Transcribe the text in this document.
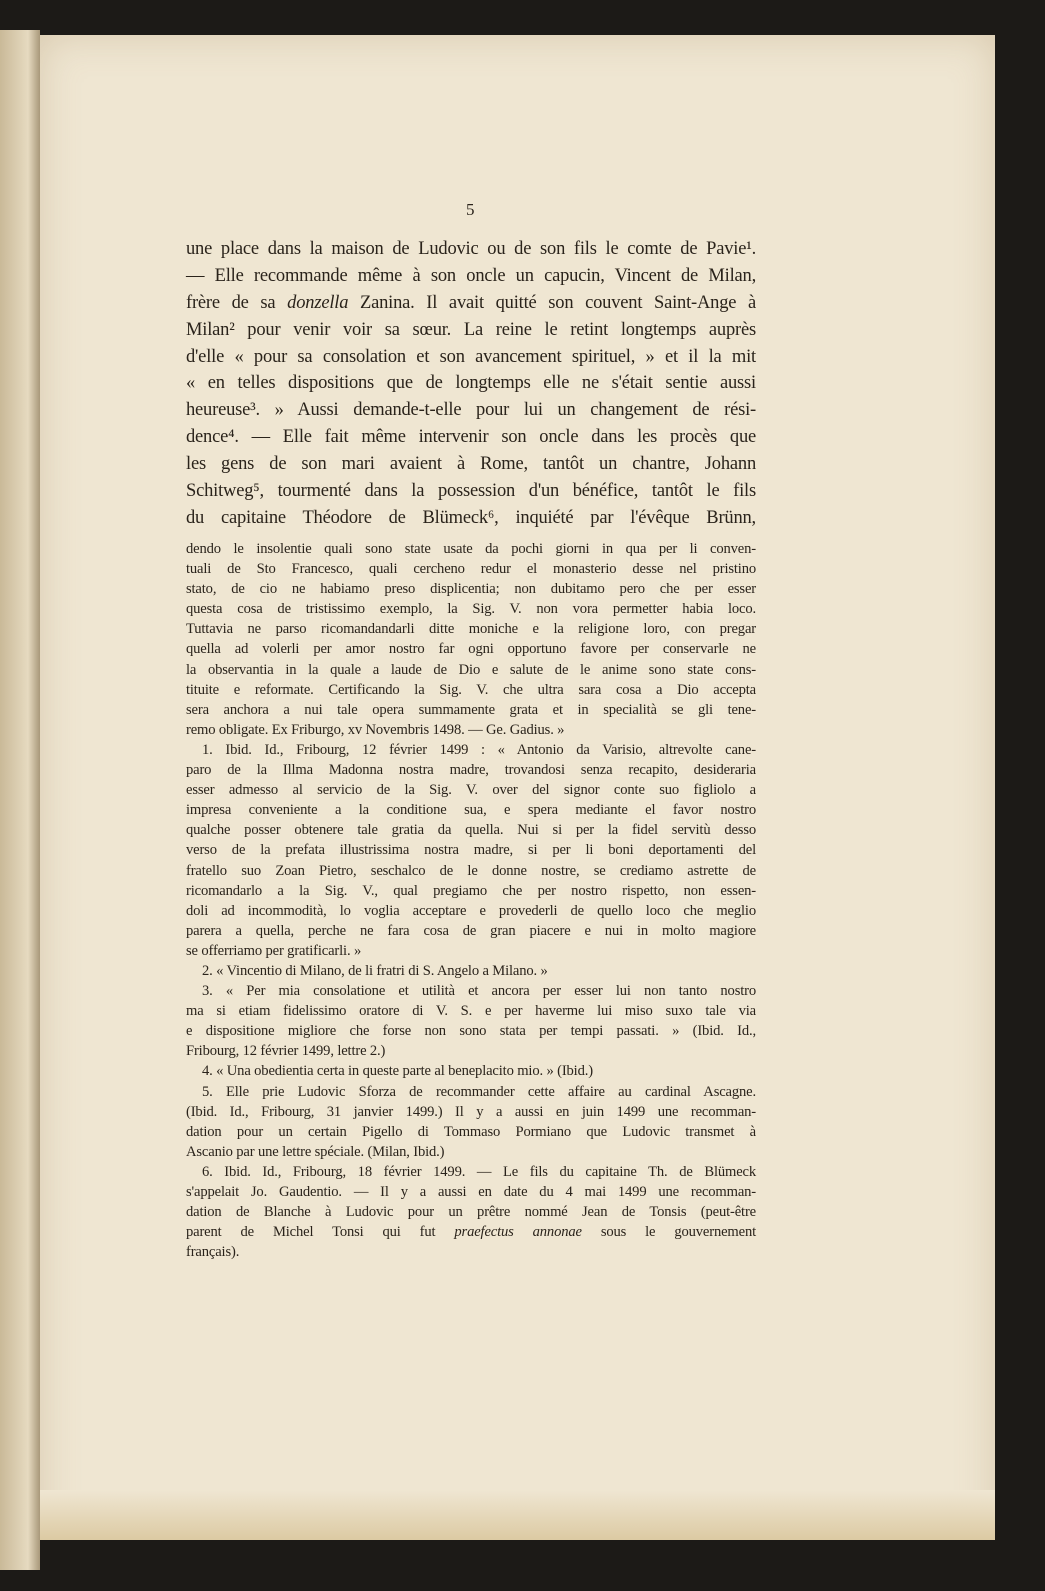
5
une place dans la maison de Ludovic ou de son fils le comte de Pavie¹.
— Elle recommande même à son oncle un capucin, Vincent de Milan,
frère de sa donzella Zanina. Il avait quitté son couvent Saint-Ange à
Milan² pour venir voir sa sœur. La reine le retint longtemps auprès
d'elle « pour sa consolation et son avancement spirituel, » et il la mit
« en telles dispositions que de longtemps elle ne s'était sentie aussi
heureuse³. » Aussi demande-t-elle pour lui un changement de rési-
dence⁴. — Elle fait même intervenir son oncle dans les procès que
les gens de son mari avaient à Rome, tantôt un chantre, Johann
Schitweg⁵, tourmenté dans la possession d'un bénéfice, tantôt le fils
du capitaine Théodore de Blümeck⁶, inquiété par l'évêque Brünn,
dendo le insolentie quali sono state usate da pochi giorni in qua per li conven-
tuali de Sto Francesco, quali cercheno redur el monasterio desse nel pristino
stato, de cio ne habiamo preso displicentia; non dubitamo pero che per esser
questa cosa de tristissimo exemplo, la Sig. V. non vora permetter habia loco.
Tuttavia ne parso ricomandandarli ditte moniche e la religione loro, con pregar
quella ad volerli per amor nostro far ogni opportuno favore per conservarle ne
la observantia in la quale a laude de Dio e salute de le anime sono state cons-
tituite e reformate. Certificando la Sig. V. che ultra sara cosa a Dio accepta
sera anchora a nui tale opera summamente grata et in specialità se gli tene-
remo obligate. Ex Friburgo, xv Novembris 1498. — Ge. Gadius. »
1. Ibid. Id., Fribourg, 12 février 1499 : « Antonio da Varisio, altrevolte cane-
paro de la Illma Madonna nostra madre, trovandosi senza recapito, desideraria
esser admesso al servicio de la Sig. V. over del signor conte suo figliolo a
impresa conveniente a la conditione sua, e spera mediante el favor nostro
qualche posser obtenere tale gratia da quella. Nui si per la fidel servitù desso
verso de la prefata illustrissima nostra madre, si per li boni deportamenti del
fratello suo Zoan Pietro, seschalco de le donne nostre, se crediamo astrette de
ricomandarlo a la Sig. V., qual pregiamo che per nostro rispetto, non essen-
doli ad incommodità, lo voglia acceptare e provederli de quello loco che meglio
parera a quella, perche ne fara cosa de gran piacere e nui in molto magiore
se offerriamo per gratificarli. »
2. « Vincentio di Milano, de li fratri di S. Angelo a Milano. »
3. « Per mia consolatione et utilità et ancora per esser lui non tanto nostro
ma si etiam fidelissimo oratore di V. S. e per haverme lui miso suxo tale via
e dispositione migliore che forse non sono stata per tempi passati. » (Ibid. Id.,
Fribourg, 12 février 1499, lettre 2.)
4. « Una obedientia certa in queste parte al beneplacito mio. » (Ibid.)
5. Elle prie Ludovic Sforza de recommander cette affaire au cardinal Ascagne.
(Ibid. Id., Fribourg, 31 janvier 1499.) Il y a aussi en juin 1499 une recomman-
dation pour un certain Pigello di Tommaso Pormiano que Ludovic transmet à
Ascanio par une lettre spéciale. (Milan, Ibid.)
6. Ibid. Id., Fribourg, 18 février 1499. — Le fils du capitaine Th. de Blümeck
s'appelait Jo. Gaudentio. — Il y a aussi en date du 4 mai 1499 une recomman-
dation de Blanche à Ludovic pour un prêtre nommé Jean de Tonsis (peut-être
parent de Michel Tonsi qui fut praefectus annonae sous le gouvernement
français).
